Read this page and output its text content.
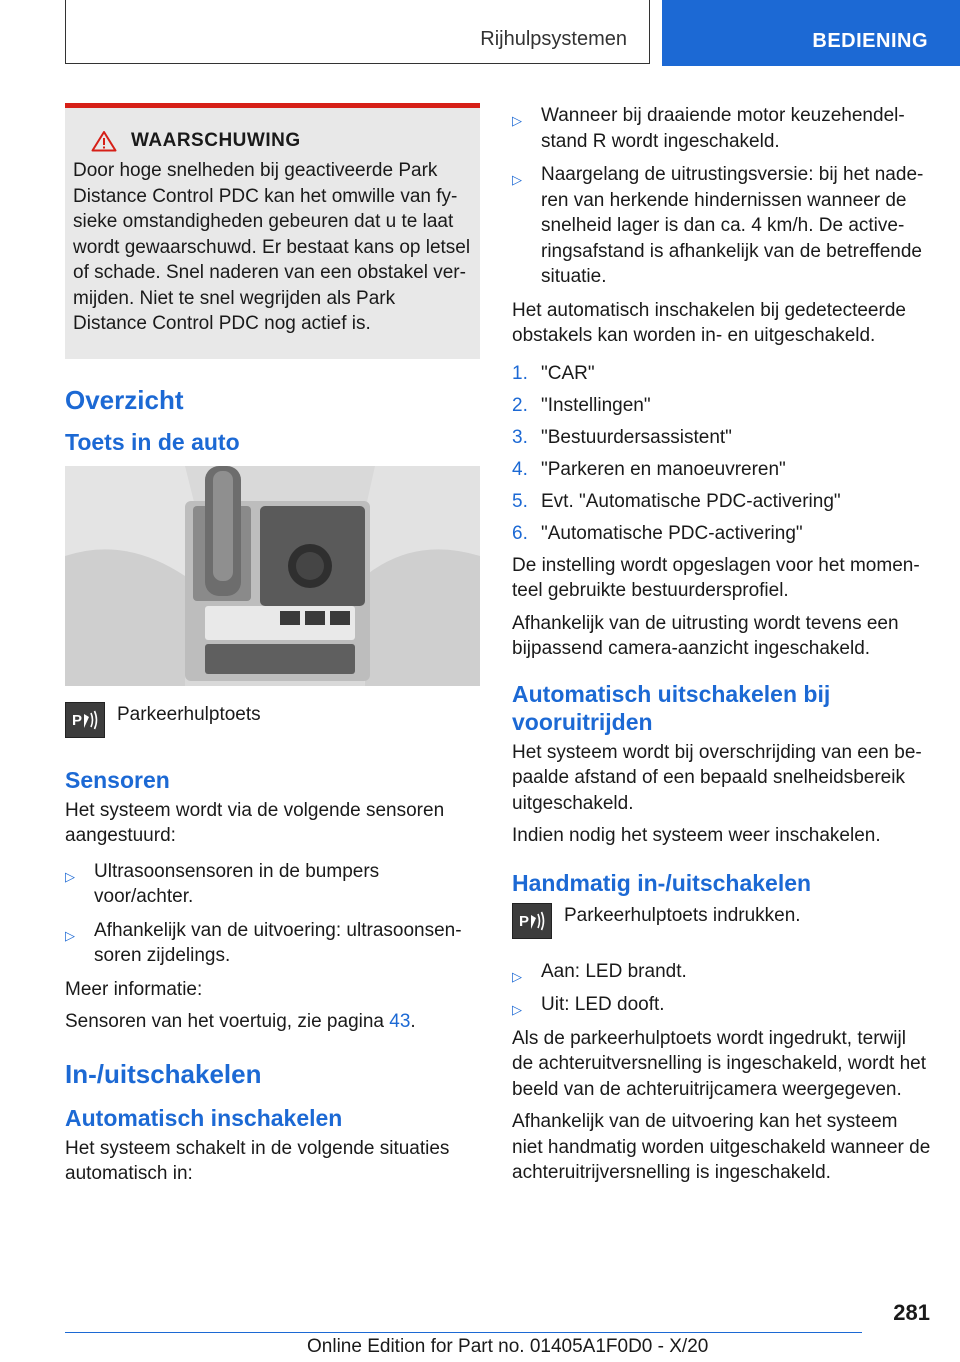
Rijhulpsystemen	BEDIENING
WAARSCHUWING

Door hoge snelheden bij geactiveerde Park Distance Control PDC kan het omwille van fy-sieke omstandigheden gebeuren dat u te laat wordt gewaarschuwd. Er bestaat kans op letsel of schade. Snel naderen van een obstakel ver-mijden. Niet te snel wegrijden als Park Distance Control PDC nog actief is.

Overzicht
Toets in de auto
P Parkeerhulptoets
Sensoren

Het systeem wordt via de volgende sensoren aangestuurd:

▷ Ultrasoonsensoren in de bumpers voor/achter.
▷ Afhankelijk van de uitvoering: ultrasoonsen-soren zijdelings.

Meer informatie:

Sensoren van het voertuig, zie pagina 43.

In-/uitschakelen
Automatisch inschakelen

Het systeem schakelt in de volgende situaties automatisch in:

▷ Wanneer bij draaiende motor keuzehendel-stand R wordt ingeschakeld.
▷ Naargelang de uitrustingsversie: bij het nade-ren van herkende hindernissen wanneer de snelheid lager is dan ca. 4 km/h. De active-ringsafstand is afhankelijk van de betreffende situatie.

Het automatisch inschakelen bij gedetecteerde obstakels kan worden in- en uitgeschakeld.

1. "CAR"
2. "Instellingen"
3. "Bestuurdersassistent"
4. "Parkeren en manoeuvreren"
5. Evt. "Automatische PDC-activering"
6. "Automatische PDC-activering"

De instelling wordt opgeslagen voor het momen-teel gebruikte bestuurdersprofiel.

Afhankelijk van de uitrusting wordt tevens een bijpassend camera-aanzicht ingeschakeld.

Automatisch uitschakelen bij vooruitrijden

Het systeem wordt bij overschrijding van een be-paalde afstand of een bepaald snelheidsbereik uitgeschakeld.

Indien nodig het systeem weer inschakelen.

Handmatig in-/uitschakelen
P Parkeerhulptoets indrukken.
▷ Aan: LED brandt.
▷ Uit: LED dooft.

Als de parkeerhulptoets wordt ingedrukt, terwijl de achteruitversnelling is ingeschakeld, wordt het beeld van de achteruitrijcamera weergegeven.

Afhankelijk van de uitvoering kan het systeem niet handmatig worden uitgeschakeld wanneer de achteruitrijversnelling is ingeschakeld.

281
Online Edition for Part no. 01405A1F0D0 - X/20
